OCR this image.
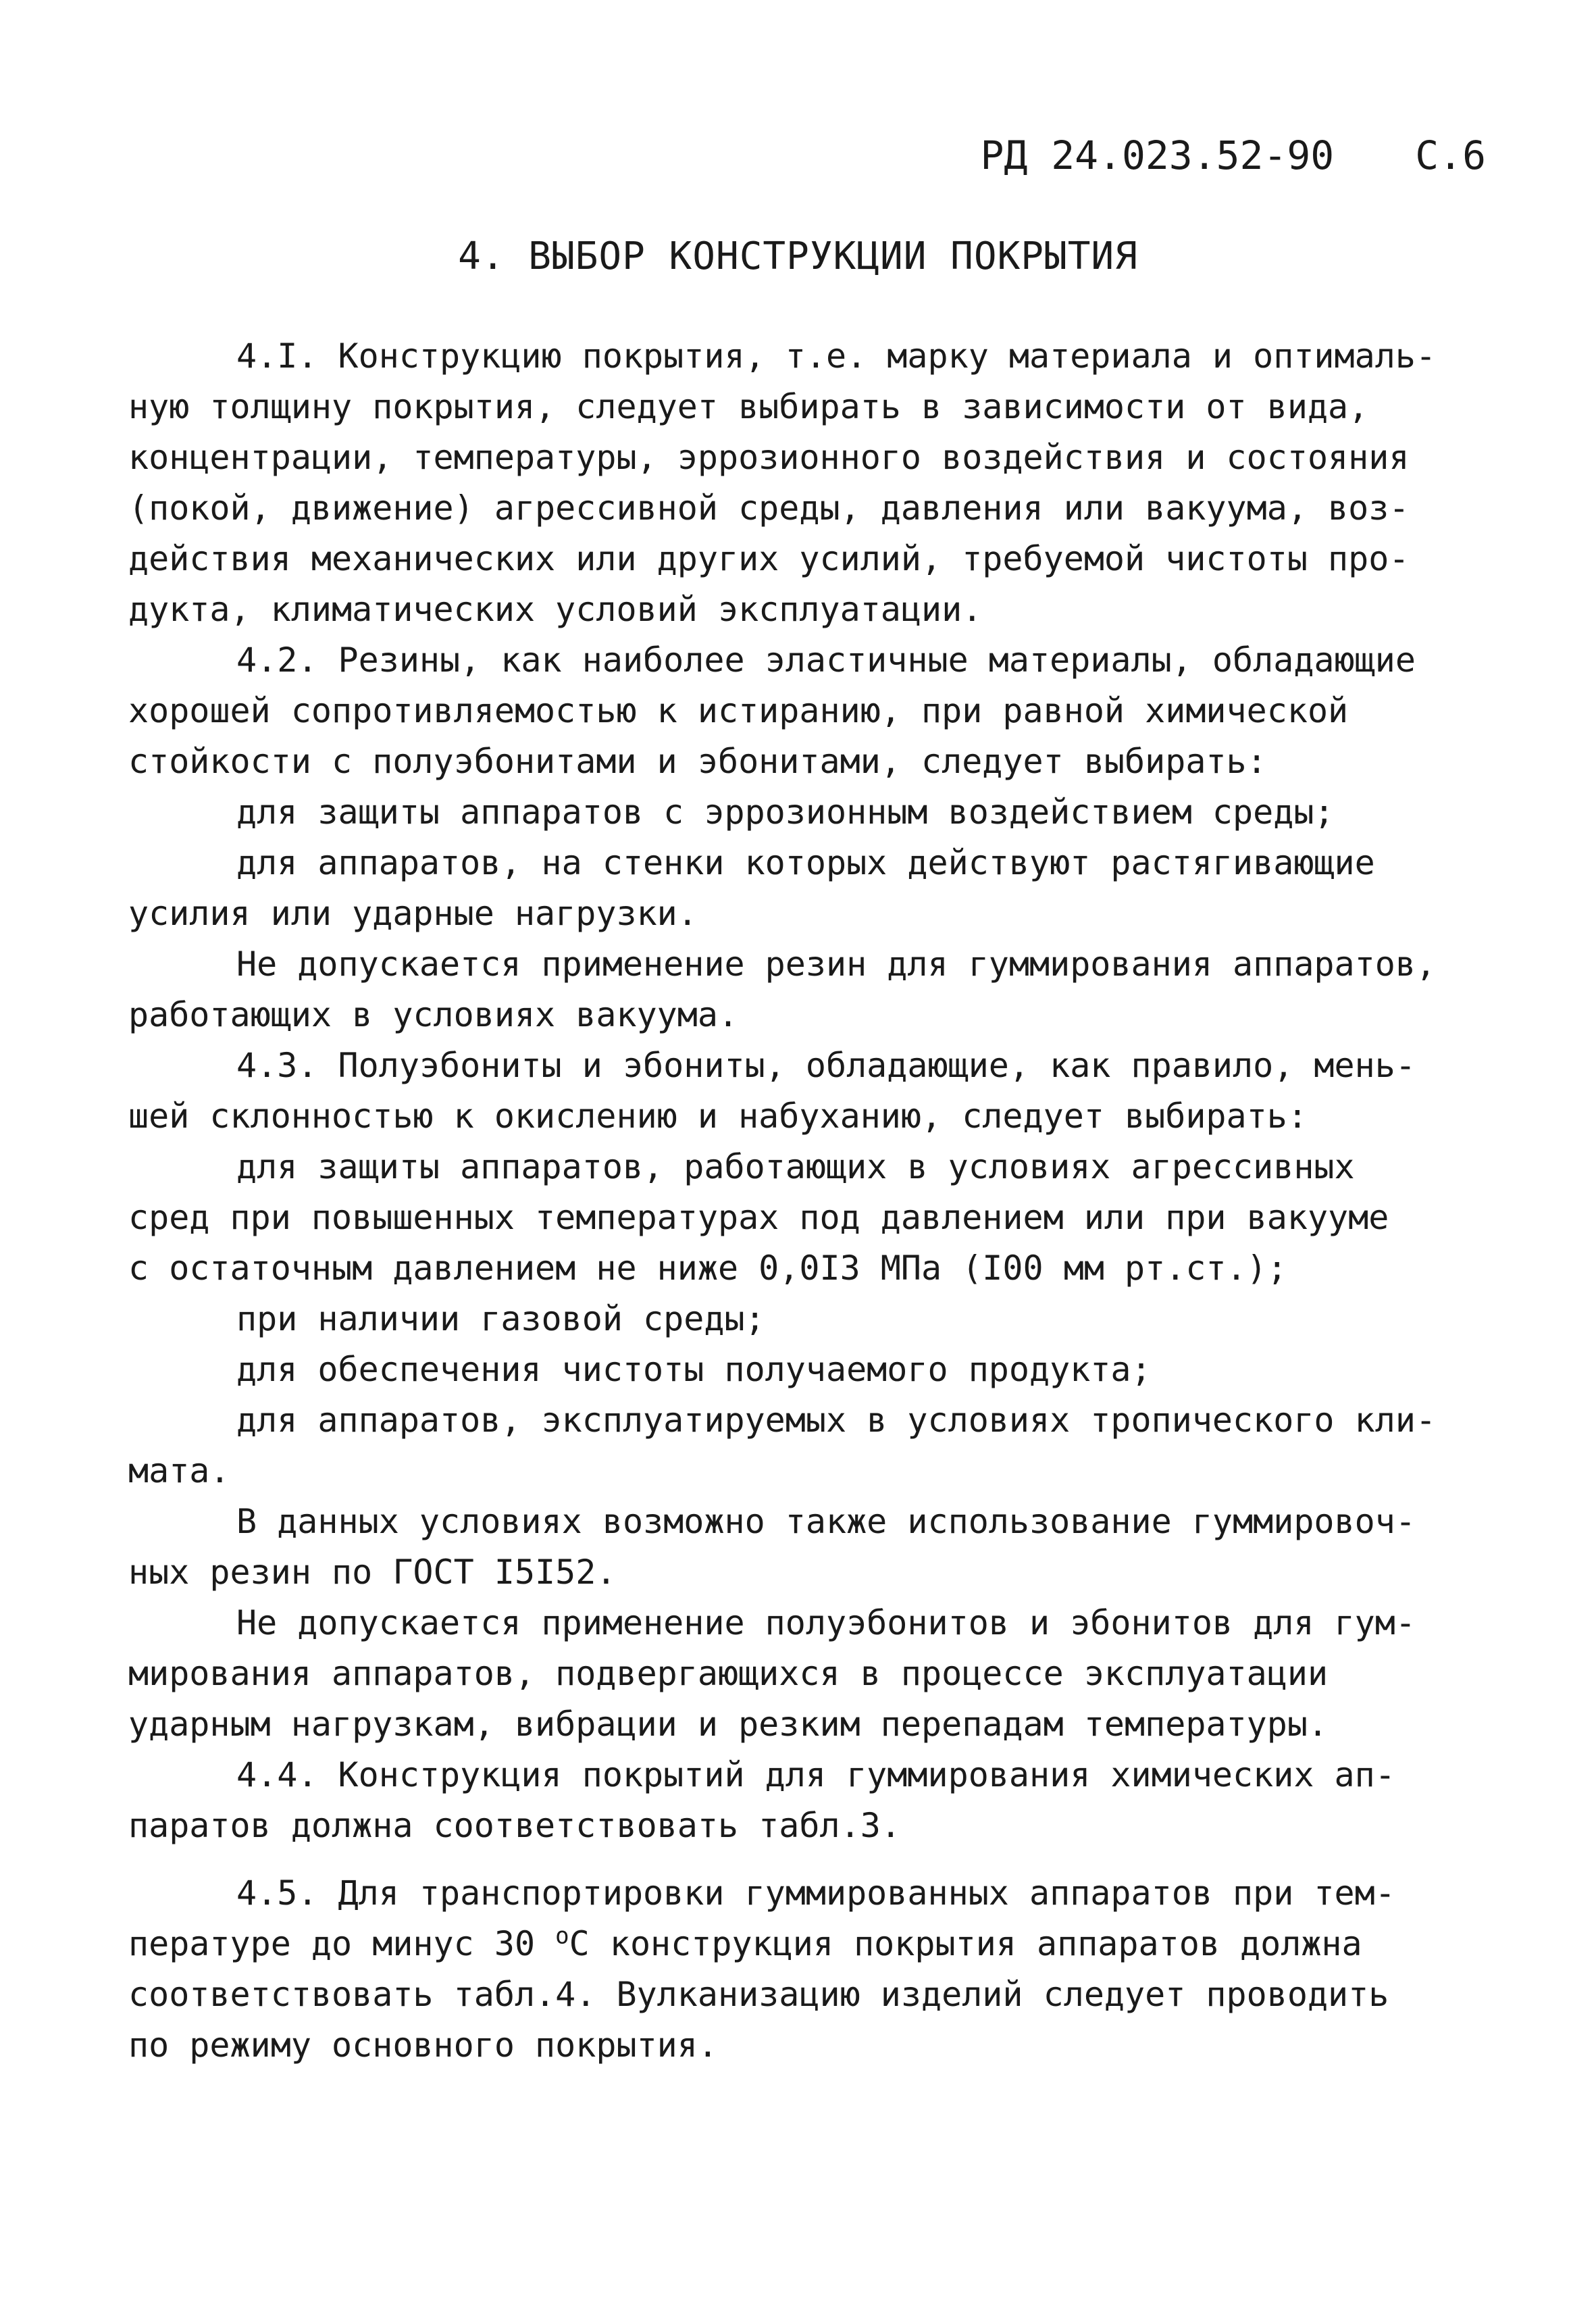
РД 24.023.52-90 С.6
4. ВЫБОР КОНСТРУКЦИИ ПОКРЫТИЯ
4.I. Конструкцию покрытия, т.е. марку материала и оптималь-
ную толщину покрытия, следует выбирать в зависимости от вида,
концентрации, температуры, эррозионного воздействия и состояния
(покой, движение) агрессивной среды, давления или вакуума, воз-
действия механических или других усилий, требуемой чистоты про-
дукта, климатических условий эксплуатации.
4.2. Резины, как наиболее эластичные материалы, обладающие
хорошей сопротивляемостью к истиранию, при равной химической
стойкости с полуэбонитами и эбонитами, следует выбирать:
для защиты аппаратов с эррозионным воздействием среды;
для аппаратов, на стенки которых действуют растягивающие
усилия или ударные нагрузки.
Не допускается применение резин для гуммирования аппаратов,
работающих в условиях вакуума.
4.3. Полуэбониты и эбониты, обладающие, как правило, мень-
шей склонностью к окислению и набуханию, следует выбирать:
для защиты аппаратов, работающих в условиях агрессивных
сред при повышенных температурах под давлением или при вакууме
с остаточным давлением не ниже 0,0I3 МПа (I00 мм рт.ст.);
при наличии газовой среды;
для обеспечения чистоты получаемого продукта;
для аппаратов, эксплуатируемых в условиях тропического кли-
мата.
В данных условиях возможно также использование гуммировоч-
ных резин по ГОСТ I5I52.
Не допускается применение полуэбонитов и эбонитов для гум-
мирования аппаратов, подвергающихся в процессе эксплуатации
ударным нагрузкам, вибрации и резким перепадам температуры.
4.4. Конструкция покрытий для гуммирования химических ап-
паратов должна соответствовать табл.3.
4.5. Для транспортировки гуммированных аппаратов при тем-
пературе до минус 30 $^о$С конструкция покрытия аппаратов должна
соответствовать табл.4. Вулканизацию изделий следует проводить
по режиму основного покрытия.
